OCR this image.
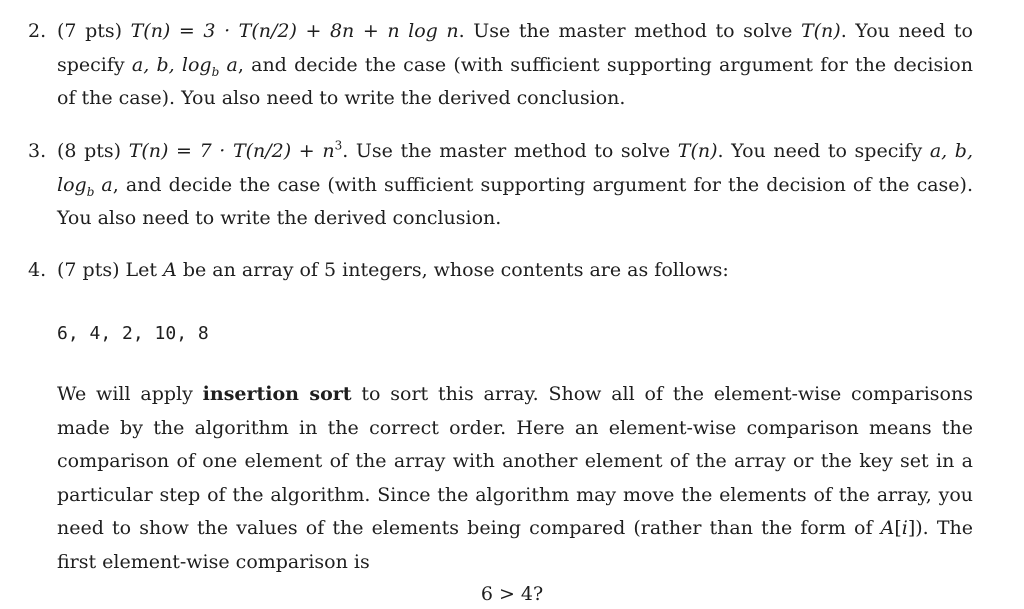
2. (7 pts) T(n) = 3 · T(n/2) + 8n + n log n. Use the master method to solve T(n). You need to specify a, b, $\log_b a$, and decide the case (with sufficient supporting argument for the decision of the case). You also need to write the derived conclusion.
3. (8 pts) $T(n) = 7 \cdot T(n/2) + n^3$. Use the master method to solve T(n). You need to specify a, b, $\log_b a$, and decide the case (with sufficient supporting argument for the decision of the case). You also need to write the derived conclusion.
4. (7 pts) Let A be an array of 5 integers, whose contents are as follows:
6, 4, 2, 10, 8
We will apply insertion sort to sort this array. Show all of the element-wise comparisons made by the algorithm in the correct order. Here an element-wise comparison means the comparison of one element of the array with another element of the array or the key set in a particular step of the algorithm. Since the algorithm may move the elements of the array, you need to show the values of the elements being compared (rather than the form of A[i]). The first element-wise comparison is
6 > 4?
